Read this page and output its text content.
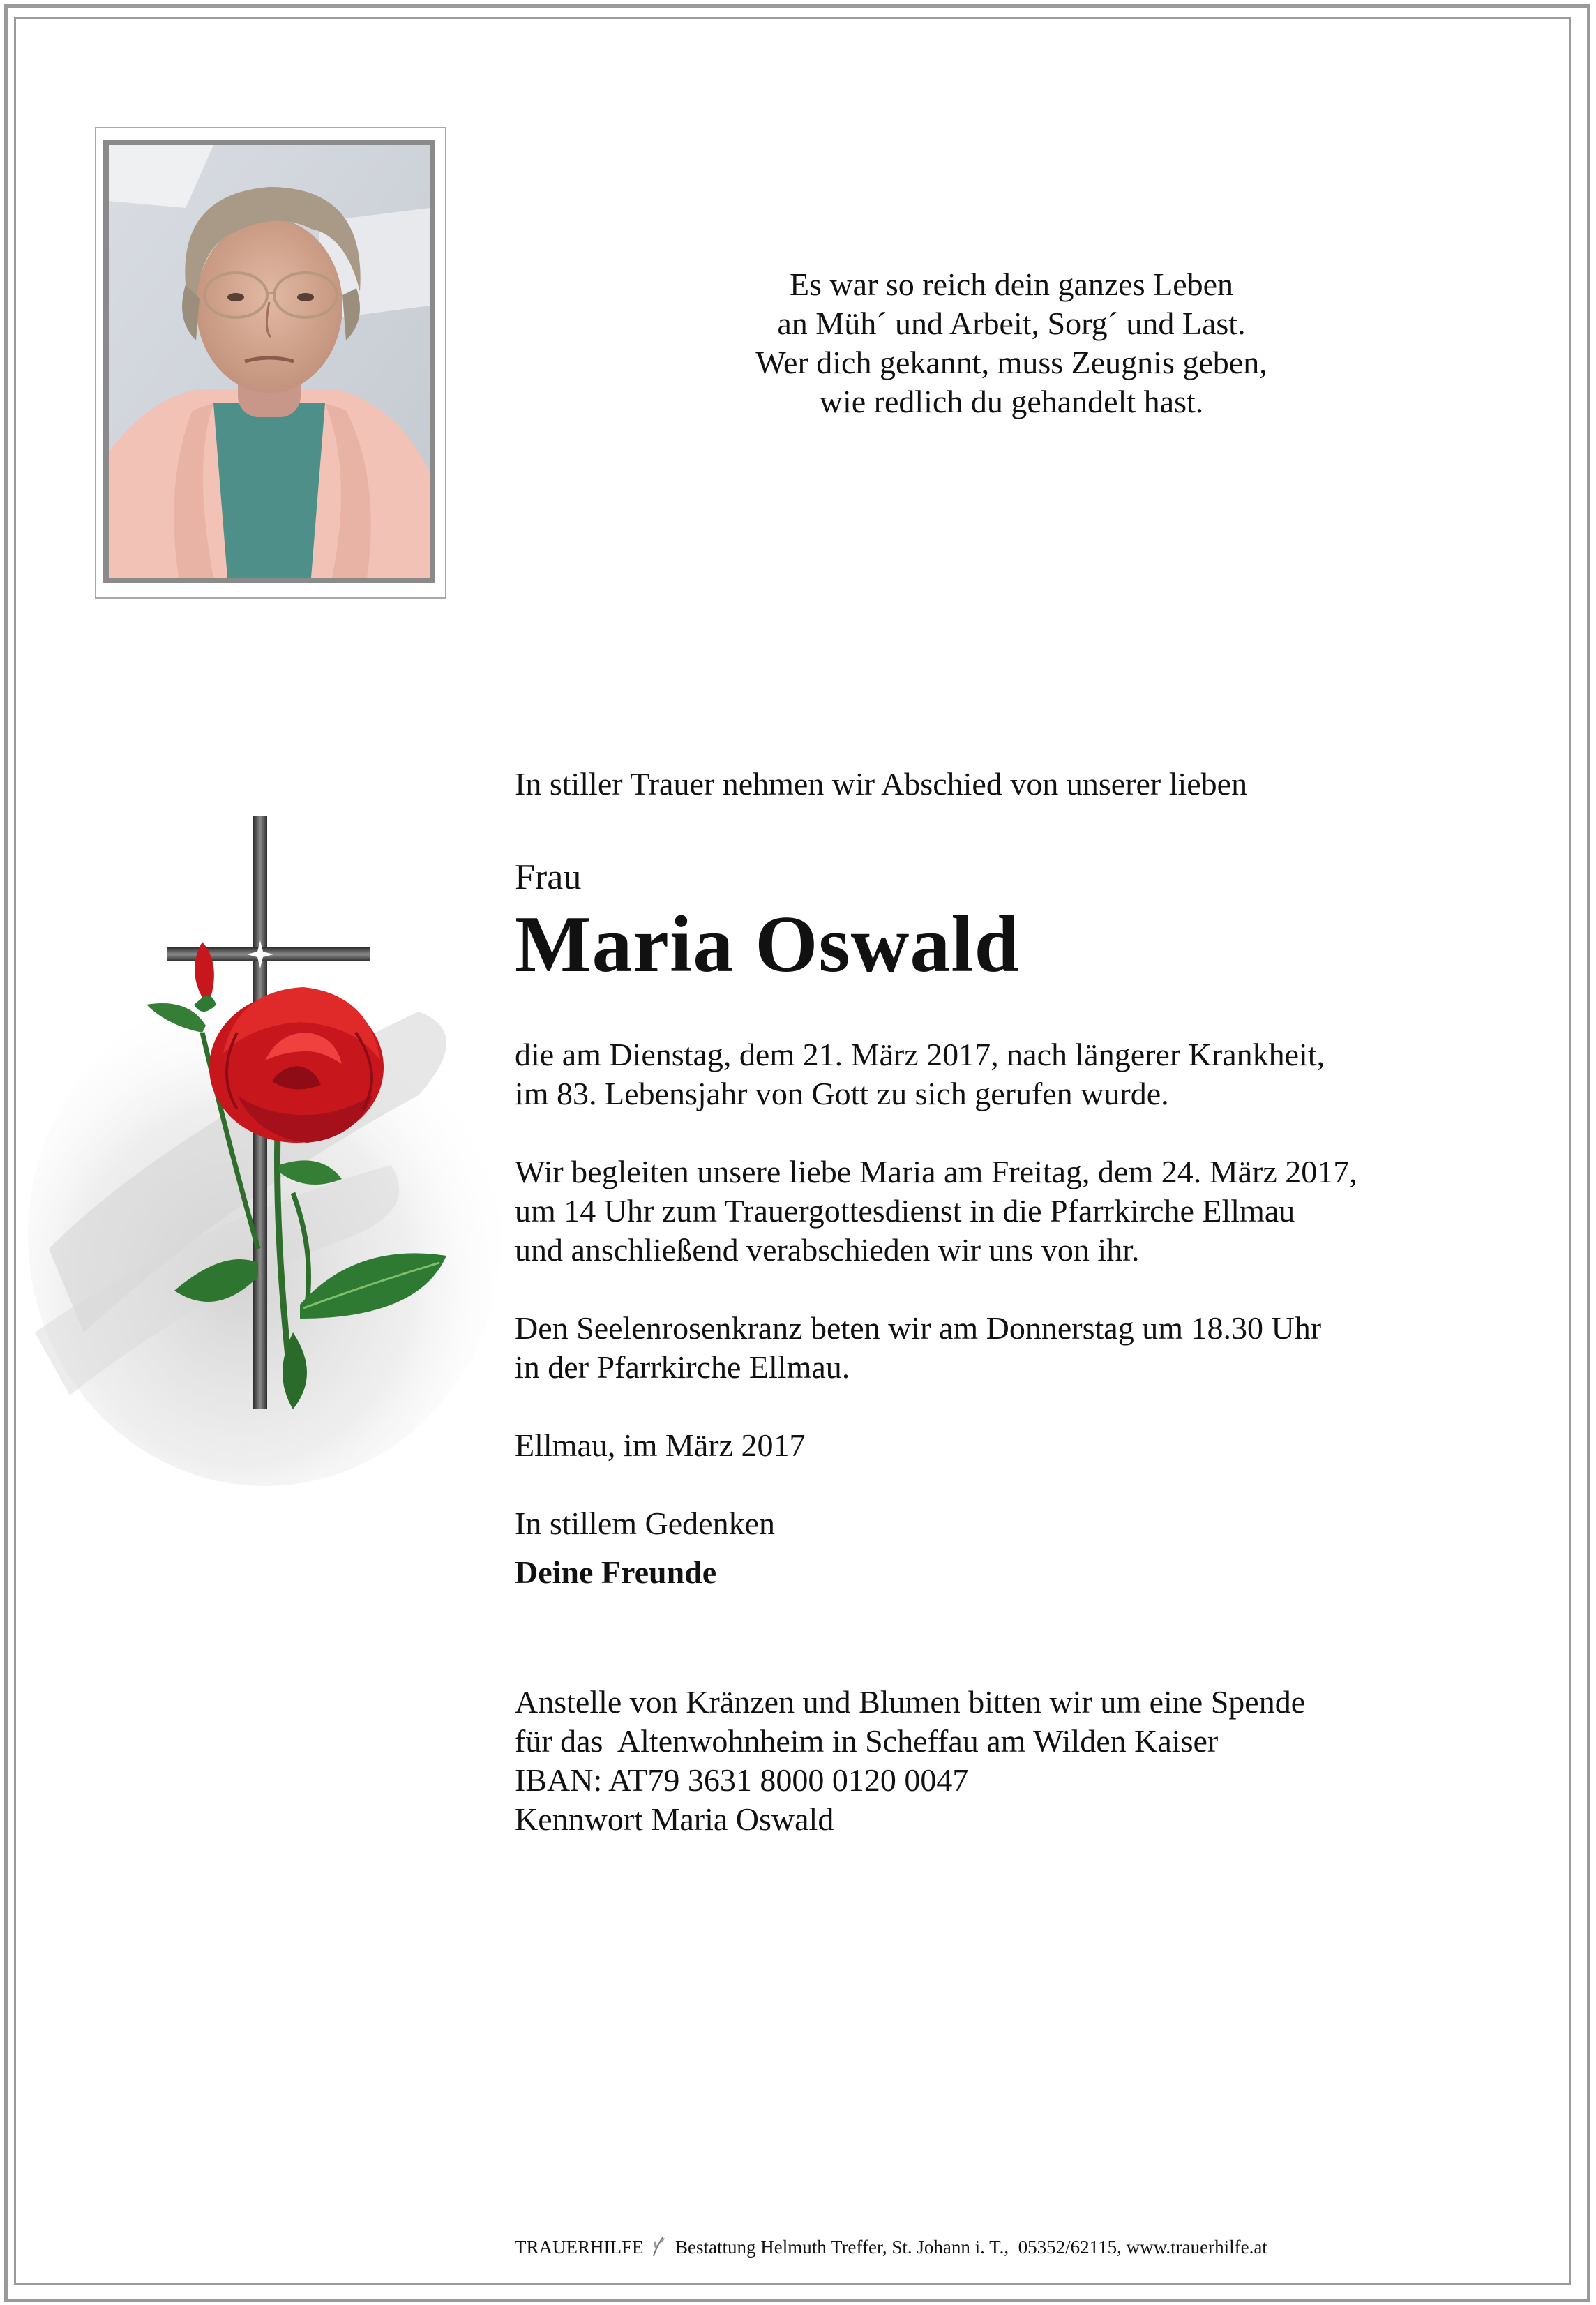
Es war so reich dein ganzes Leben
an Müh´ und Arbeit, Sorg´ und Last.
Wer dich gekannt, muss Zeugnis geben,
wie redlich du gehandelt hast.

In stiller Trauer nehmen wir Abschied von unserer lieben

Frau

Maria Oswald

die am Dienstag, dem 21. März 2017, nach längerer Krankheit,
im 83. Lebensjahr von Gott zu sich gerufen wurde.
Wir begleiten unsere liebe Maria am Freitag, dem 24. März 2017,
um 14 Uhr zum Trauergottesdienst in die Pfarrkirche Ellmau
und anschließend verabschieden wir uns von ihr.
Den Seelenrosenkranz beten wir am Donnerstag um 18.30 Uhr
in der Pfarrkirche Ellmau.

Ellmau, im März 2017

In stillem Gedenken

Deine Freunde

Anstelle von Kränzen und Blumen bitten wir um eine Spende
für das  Altenwohnheim in Scheffau am Wilden Kaiser
IBAN: AT79 3631 8000 0120 0047
Kennwort Maria Oswald
TRAUERHILFE Bestattung Helmuth Treffer, St. Johann i. T.,  05352/62115, www.trauerhilfe.at
